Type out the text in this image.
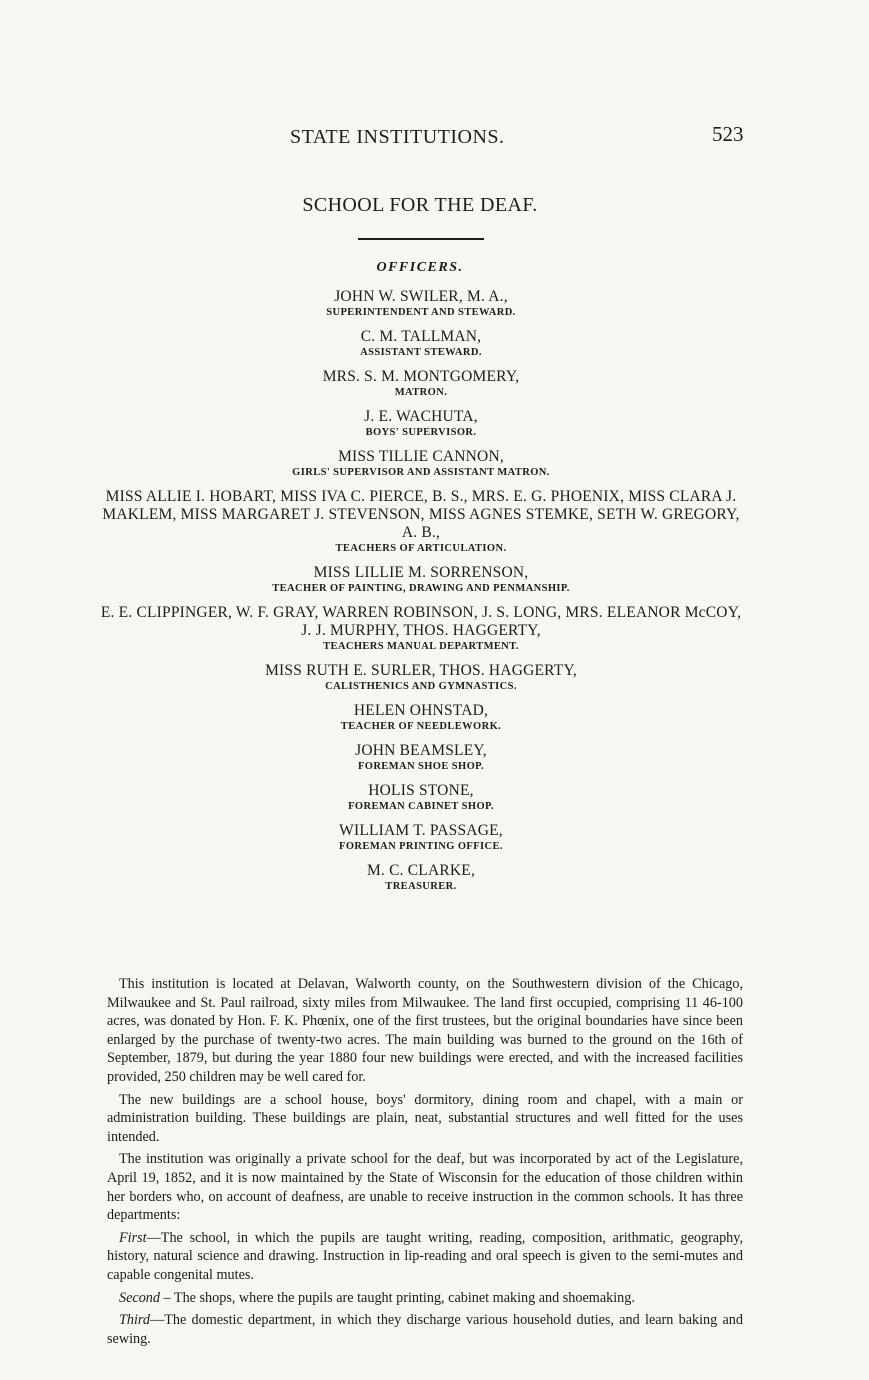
STATE INSTITUTIONS.	523
SCHOOL FOR THE DEAF.
OFFICERS.
JOHN W. SWILER, M. A.,
SUPERINTENDENT AND STEWARD.
C. M. TALLMAN,
ASSISTANT STEWARD.
MRS. S. M. MONTGOMERY,
MATRON.
J. E. WACHUTA,
BOYS' SUPERVISOR.
MISS TILLIE CANNON,
GIRLS' SUPERVISOR AND ASSISTANT MATRON.
MISS ALLIE I. HOBART, MISS IVA C. PIERCE, B. S., MRS. E. G. PHOENIX, MISS CLARA J. MAKLEM, MISS MARGARET J. STEVENSON, MISS AGNES STEMKE, SETH W. GREGORY, A. B.,
TEACHERS OF ARTICULATION.
MISS LILLIE M. SORRENSON,
TEACHER OF PAINTING, DRAWING AND PENMANSHIP.
E. E. CLIPPINGER, W. F. GRAY, WARREN ROBINSON, J. S. LONG, MRS. ELEANOR McCOY, J. J. MURPHY, THOS. HAGGERTY,
TEACHERS MANUAL DEPARTMENT.
MISS RUTH E. SURLER, THOS. HAGGERTY,
CALISTHENICS AND GYMNASTICS.
HELEN OHNSTAD,
TEACHER OF NEEDLEWORK.
JOHN BEAMSLEY,
FOREMAN SHOE SHOP.
HOLIS STONE,
FOREMAN CABINET SHOP.
WILLIAM T. PASSAGE,
FOREMAN PRINTING OFFICE.
M. C. CLARKE,
TREASURER.

This institution is located at Delavan, Walworth county, on the Southwestern division of the Chicago, Milwaukee and St. Paul railroad, sixty miles from Milwaukee. The land first occupied, comprising 11 46-100 acres, was donated by Hon. F. K. Phœnix, one of the first trustees, but the original boundaries have since been enlarged by the purchase of twenty-two acres. The main building was burned to the ground on the 16th of September, 1879, but during the year 1880 four new buildings were erected, and with the increased facilities provided, 250 children may be well cared for.

The new buildings are a school house, boys' dormitory, dining room and chapel, with a main or administration building. These buildings are plain, neat, substantial structures and well fitted for the uses intended.

The institution was originally a private school for the deaf, but was incorporated by act of the Legislature, April 19, 1852, and it is now maintained by the State of Wisconsin for the education of those children within her borders who, on account of deafness, are unable to receive instruction in the common schools. It has three departments:

First—The school, in which the pupils are taught writing, reading, composition, arithmatic, geography, history, natural science and drawing. Instruction in lip-reading and oral speech is given to the semi-mutes and capable congenital mutes.

Second – The shops, where the pupils are taught printing, cabinet making and shoemaking.

Third—The domestic department, in which they discharge various household duties, and learn baking and sewing.
